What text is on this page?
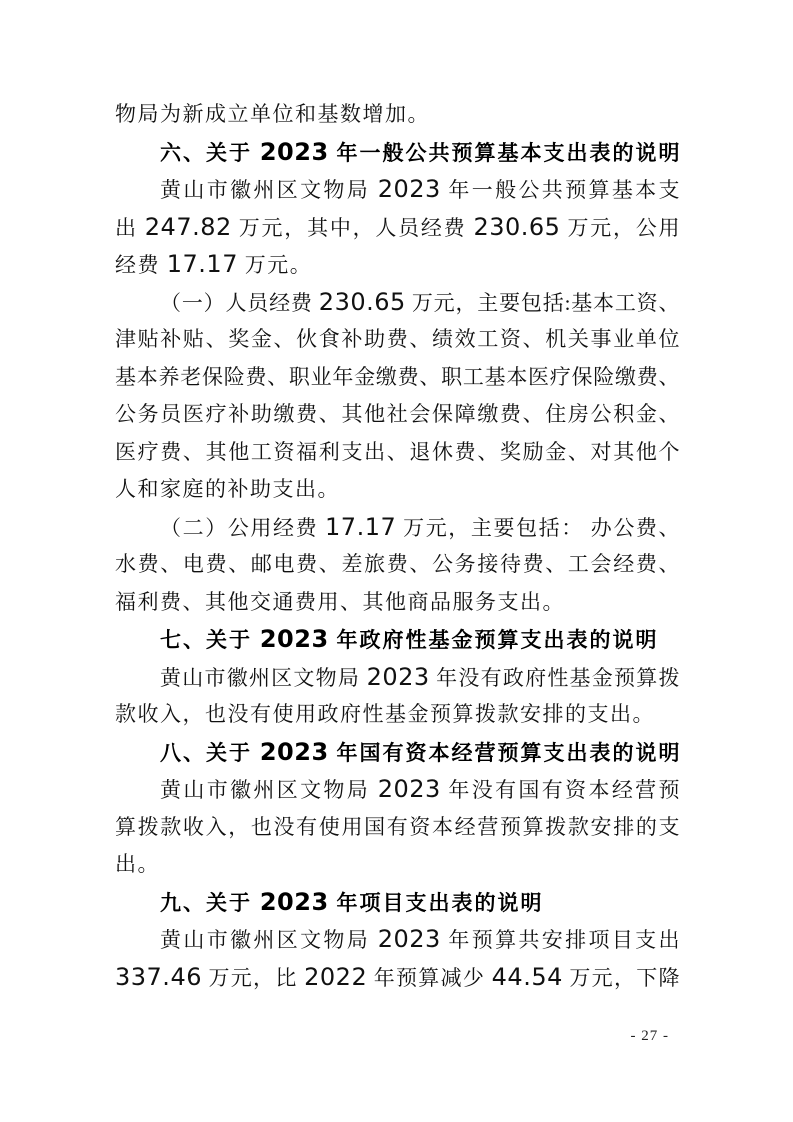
物局为新成立单位和基数增加。
六、关于 2023 年一般公共预算基本支出表的说明
黄山市徽州区文物局 2023 年一般公共预算基本支
出 247.82 万元，其中，人员经费 230.65 万元，公用
经费 17.17 万元。
（一）人员经费 230.65 万元，主要包括:基本工资、
津贴补贴、奖金、伙食补助费、绩效工资、机关事业单位
基本养老保险费、职业年金缴费、职工基本医疗保险缴费、
公务员医疗补助缴费、其他社会保障缴费、住房公积金、
医疗费、其他工资福利支出、退休费、奖励金、对其他个
人和家庭的补助支出。
（二）公用经费 17.17 万元，主要包括： 办公费、
水费、电费、邮电费、差旅费、公务接待费、工会经费、
福利费、其他交通费用、其他商品服务支出。
七、关于 2023 年政府性基金预算支出表的说明
黄山市徽州区文物局 2023 年没有政府性基金预算拨
款收入，也没有使用政府性基金预算拨款安排的支出。
八、关于 2023 年国有资本经营预算支出表的说明
黄山市徽州区文物局 2023 年没有国有资本经营预
算拨款收入，也没有使用国有资本经营预算拨款安排的支
出。
九、关于 2023 年项目支出表的说明
黄山市徽州区文物局 2023 年预算共安排项目支出
337.46 万元，比 2022 年预算减少 44.54 万元，下降
- 27 -
